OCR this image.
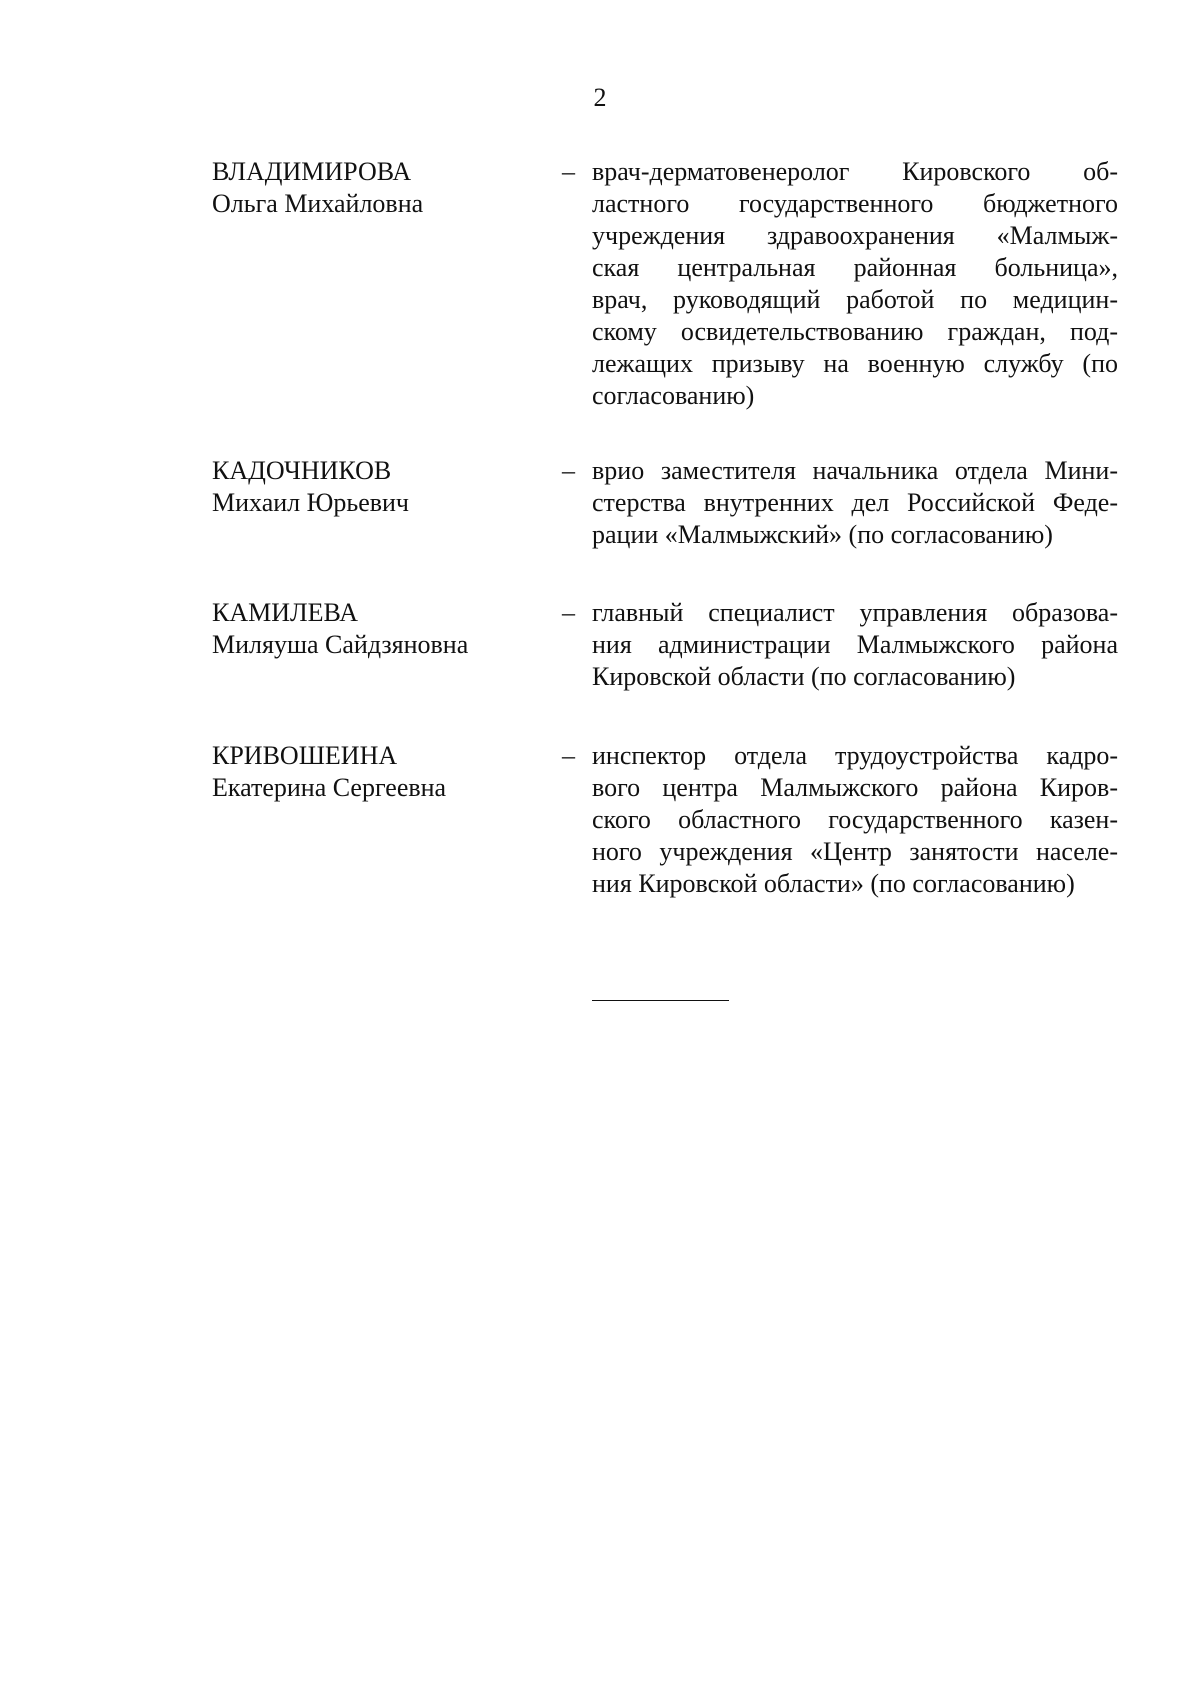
2
ВЛАДИМИРОВА
Ольга Михайловна
– врач-дерматовенеролог Кировского об-
ластного государственного бюджетного
учреждения здравоохранения «Малмыж-
ская центральная районная больница»,
врач, руководящий работой по медицин-
скому освидетельствованию граждан, под-
лежащих призыву на военную службу (по
согласованию)
КАДОЧНИКОВ
Михаил Юрьевич
– врио заместителя начальника отдела Мини-
стерства внутренних дел Российской Феде-
рации «Малмыжский» (по согласованию)
КАМИЛЕВА
Миляуша Сайдзяновна
– главный специалист управления образова-
ния администрации Малмыжского района
Кировской области (по согласованию)
КРИВОШЕИНА
Екатерина Сергеевна
– инспектор отдела трудоустройства кадро-
вого центра Малмыжского района Киров-
ского областного государственного казен-
ного учреждения «Центр занятости населе-
ния Кировской области» (по согласованию)
